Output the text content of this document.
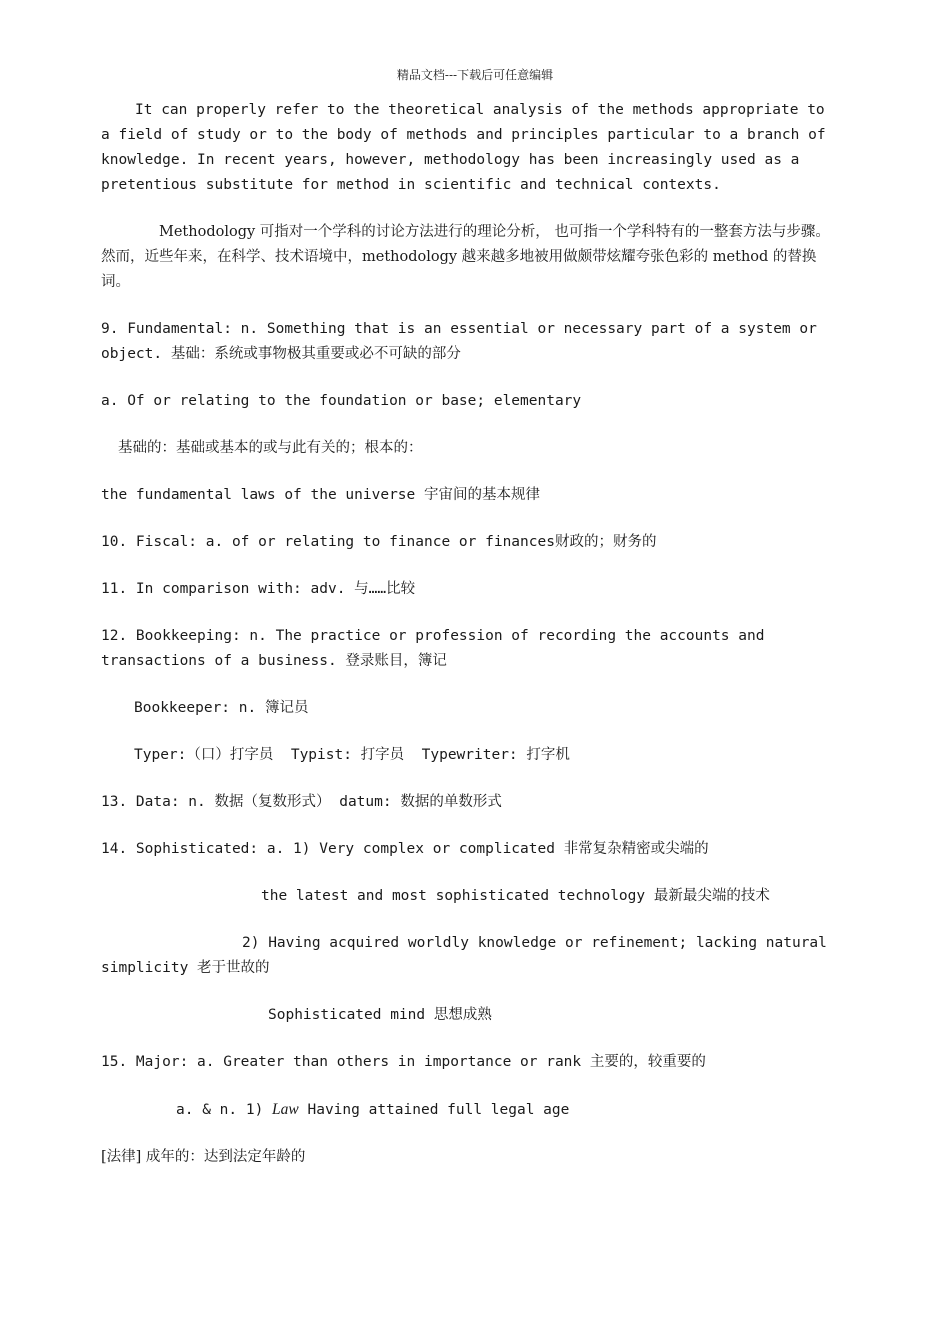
精品文档---下载后可任意编辑

It can properly refer to the theoretical analysis of the methods appropriate to a field of study or to the body of methods and principles particular to a branch of knowledge. In recent years, however, methodology has been increasingly used as a pretentious substitute for method in scientific and technical contexts.

Methodology 可指对一个学科的讨论方法进行的理论分析， 也可指一个学科特有的一整套方法与步骤。 然而，近些年来，在科学、技术语境中，methodology 越来越多地被用做颇带炫耀夸张色彩的 method 的替换词。

9. Fundamental: n. Something that is an essential or necessary part of a system or object. 基础：系统或事物极其重要或必不可缺的部分

a. Of or relating to the foundation or base; elementary

基础的：基础或基本的或与此有关的；根本的：

the fundamental laws of the universe 宇宙间的基本规律

10. Fiscal: a. of or relating to finance or finances财政的；财务的

11. In comparison with: adv. 与……比较

12. Bookkeeping: n. The practice or profession of recording the accounts and transactions of a business. 登录账目，簿记

Bookkeeper: n. 簿记员

Typer:（口）打字员  Typist: 打字员  Typewriter: 打字机

13. Data: n. 数据（复数形式） datum: 数据的单数形式

14. Sophisticated: a. 1) Very complex or complicated 非常复杂精密或尖端的

the latest and most sophisticated technology 最新最尖端的技术

2) Having acquired worldly knowledge or refinement; lacking natural simplicity 老于世故的

Sophisticated mind 思想成熟

15. Major: a. Greater than others in importance or rank 主要的，较重要的

a. & n. 1) Law Having attained full legal age

[法律] 成年的：达到法定年龄的
